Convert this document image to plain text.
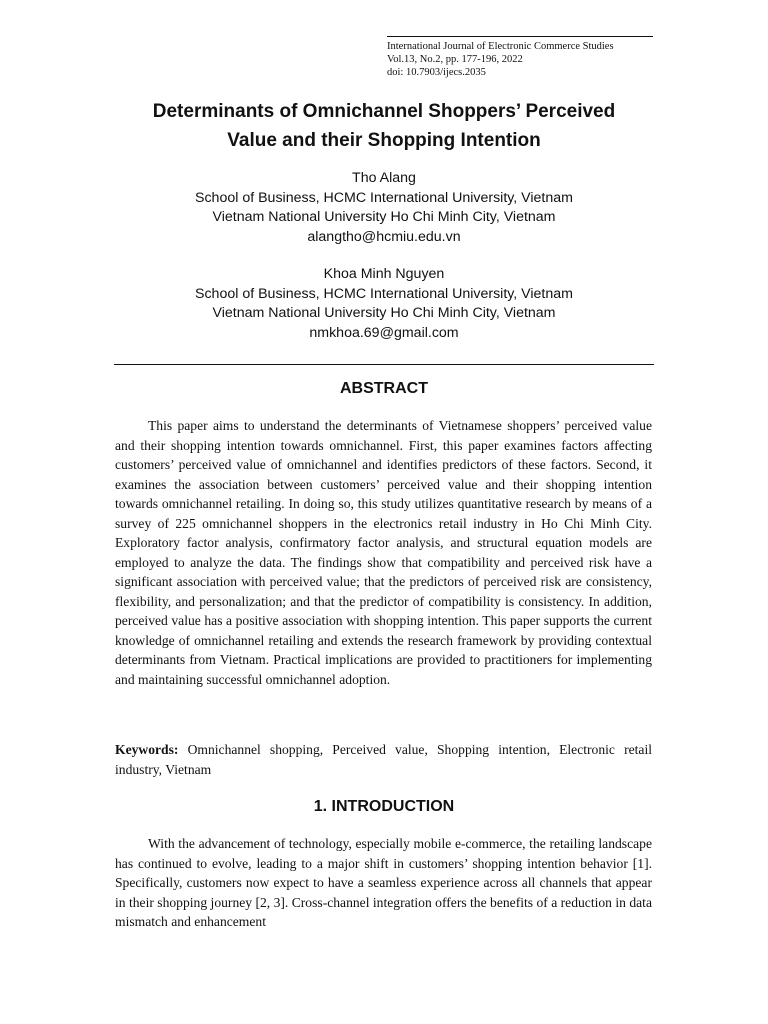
International Journal of Electronic Commerce Studies
Vol.13, No.2, pp. 177-196, 2022
doi: 10.7903/ijecs.2035
Determinants of Omnichannel Shoppers’ Perceived
Value and their Shopping Intention
Tho Alang
School of Business, HCMC International University, Vietnam
Vietnam National University Ho Chi Minh City, Vietnam
alangtho@hcmiu.edu.vn
Khoa Minh Nguyen
School of Business, HCMC International University, Vietnam
Vietnam National University Ho Chi Minh City, Vietnam
nmkhoa.69@gmail.com
ABSTRACT

This paper aims to understand the determinants of Vietnamese shoppers’ perceived value and their shopping intention towards omnichannel. First, this paper examines factors affecting customers’ perceived value of omnichannel and identifies predictors of these factors. Second, it examines the association between customers’ perceived value and their shopping intention towards omnichannel retailing. In doing so, this study utilizes quantitative research by means of a survey of 225 omnichannel shoppers in the electronics retail industry in Ho Chi Minh City. Exploratory factor analysis, confirmatory factor analysis, and structural equation models are employed to analyze the data. The findings show that compatibility and perceived risk have a significant association with perceived value; that the predictors of perceived risk are consistency, flexibility, and personalization; and that the predictor of compatibility is consistency. In addition, perceived value has a positive association with shopping intention. This paper supports the current knowledge of omnichannel retailing and extends the research framework by providing contextual determinants from Vietnam. Practical implications are provided to practitioners for implementing and maintaining successful omnichannel adoption.

Keywords: Omnichannel shopping, Perceived value, Shopping intention, Electronic retail industry, Vietnam

1. INTRODUCTION

With the advancement of technology, especially mobile e-commerce, the retailing landscape has continued to evolve, leading to a major shift in customers’ shopping intention behavior [1]. Specifically, customers now expect to have a seamless experience across all channels that appear in their shopping journey [2, 3]. Cross-channel integration offers the benefits of a reduction in data mismatch and enhancement
